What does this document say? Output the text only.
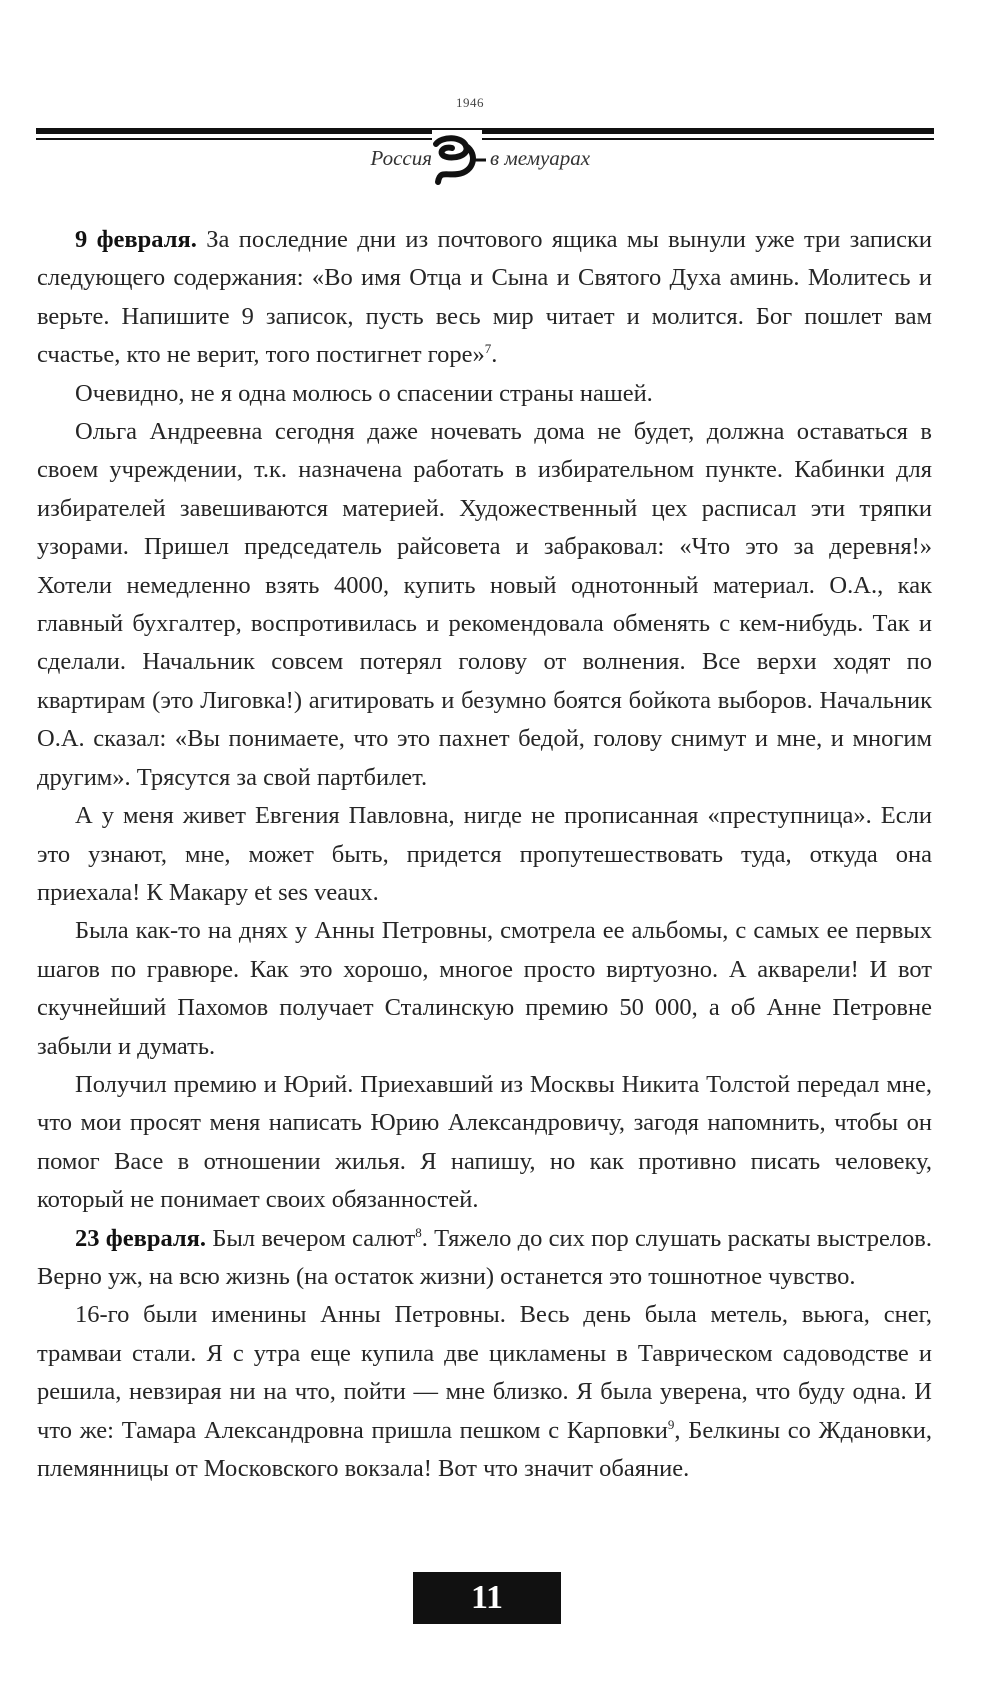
1946
Россия	в мемуарах

9 февраля. За последние дни из почтового ящика мы вынули уже три записки следующего содержания: «Во имя Отца и Сына и Святого Духа аминь. Молитесь и верьте. Напишите 9 записок, пусть весь мир читает и молится. Бог пошлет вам счастье, кто не верит, того постигнет горе»$^7$.

Очевидно, не я одна молюсь о спасении страны нашей.

Ольга Андреевна сегодня даже ночевать дома не будет, должна оставаться в своем учреждении, т.к. назначена работать в избирательном пункте. Кабинки для избирателей завешиваются материей. Художественный цех расписал эти тряпки узорами. Пришел председатель райсовета и забраковал: «Что это за деревня!» Хотели немедленно взять 4000, купить новый однотонный материал. О.А., как главный бухгалтер, воспротивилась и рекомендовала обменять с кем-нибудь. Так и сделали. Начальник совсем потерял голову от волнения. Все верхи ходят по квартирам (это Лиговка!) агитировать и безумно боятся бойкота выборов. Начальник О.А. сказал: «Вы понимаете, что это пахнет бедой, голову снимут и мне, и многим другим». Трясутся за свой партбилет.

А у меня живет Евгения Павловна, нигде не прописанная «преступница». Если это узнают, мне, может быть, придется пропутешествовать туда, откуда она приехала! К Макару et ses veaux.

Была как-то на днях у Анны Петровны, смотрела ее альбомы, с самых ее первых шагов по гравюре. Как это хорошо, многое просто виртуозно. А акварели! И вот скучнейший Пахомов получает Сталинскую премию 50 000, а об Анне Петровне забыли и думать.

Получил премию и Юрий. Приехавший из Москвы Никита Толстой передал мне, что мои просят меня написать Юрию Александровичу, загодя напомнить, чтобы он помог Васе в отношении жилья. Я напишу, но как противно писать человеку, который не понимает своих обязанностей.

23 февраля. Был вечером салют$^8$. Тяжело до сих пор слушать раскаты выстрелов. Верно уж, на всю жизнь (на остаток жизни) останется это тошнотное чувство.

16-го были именины Анны Петровны. Весь день была метель, вьюга, снег, трамваи стали. Я с утра еще купила две цикламены в Таврическом садоводстве и решила, невзирая ни на что, пойти — мне близко. Я была уверена, что буду одна. И что же: Тамара Александровна пришла пешком с Карповки$^9$, Белкины со Ждановки, племянницы от Московского вокзала! Вот что значит обаяние.

11
